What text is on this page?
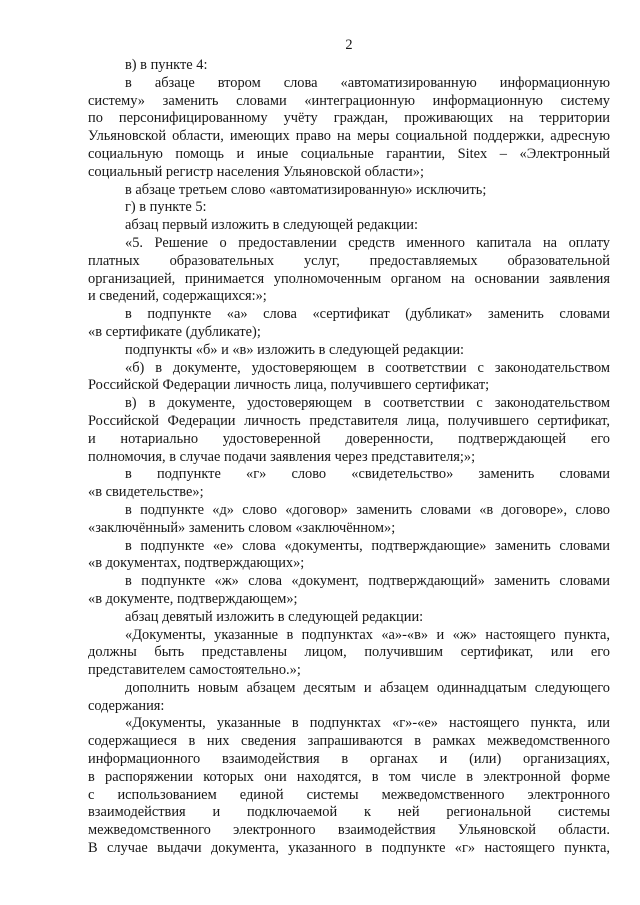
2
в) в пункте 4:
в абзаце втором слова «автоматизированную информационную
систему» заменить словами «интеграционную информационную систему
по персонифицированному учёту граждан, проживающих на территории
Ульяновской области, имеющих право на меры социальной поддержки, адресную
социальную помощь и иные социальные гарантии, Sitex – «Электронный
социальный регистр населения Ульяновской области»;
в абзаце третьем слово «автоматизированную» исключить;
г) в пункте 5:
абзац первый изложить в следующей редакции:
«5. Решение о предоставлении средств именного капитала на оплату
платных образовательных услуг, предоставляемых образовательной
организацией, принимается уполномоченным органом на основании заявления
и сведений, содержащихся:»;
в подпункте «а» слова «сертификат (дубликат» заменить словами
«в сертификате (дубликате);
подпункты «б» и «в» изложить в следующей редакции:
«б) в документе, удостоверяющем в соответствии с законодательством
Российской Федерации личность лица, получившего сертификат;
в) в документе, удостоверяющем в соответствии с законодательством
Российской Федерации личность представителя лица, получившего сертификат,
и нотариально удостоверенной доверенности, подтверждающей его
полномочия, в случае подачи заявления через представителя;»;
в подпункте «г» слово «свидетельство» заменить словами
«в свидетельстве»;
в подпункте «д» слово «договор» заменить словами «в договоре», слово
«заключённый» заменить словом «заключённом»;
в подпункте «е» слова «документы, подтверждающие» заменить словами
«в документах, подтверждающих»;
в подпункте «ж» слова «документ, подтверждающий» заменить словами
«в документе, подтверждающем»;
абзац девятый изложить в следующей редакции:
«Документы, указанные в подпунктах «а»-«в» и «ж» настоящего пункта,
должны быть представлены лицом, получившим сертификат, или его
представителем самостоятельно.»;
дополнить новым абзацем десятым и абзацем одиннадцатым следующего
содержания:
«Документы, указанные в подпунктах «г»-«е» настоящего пункта, или
содержащиеся в них сведения запрашиваются в рамках межведомственного
информационного взаимодействия в органах и (или) организациях,
в распоряжении которых они находятся, в том числе в электронной форме
с использованием единой системы межведомственного электронного
взаимодействия и подключаемой к ней региональной системы
межведомственного электронного взаимодействия Ульяновской области.
В случае выдачи документа, указанного в подпункте «г» настоящего пункта,
